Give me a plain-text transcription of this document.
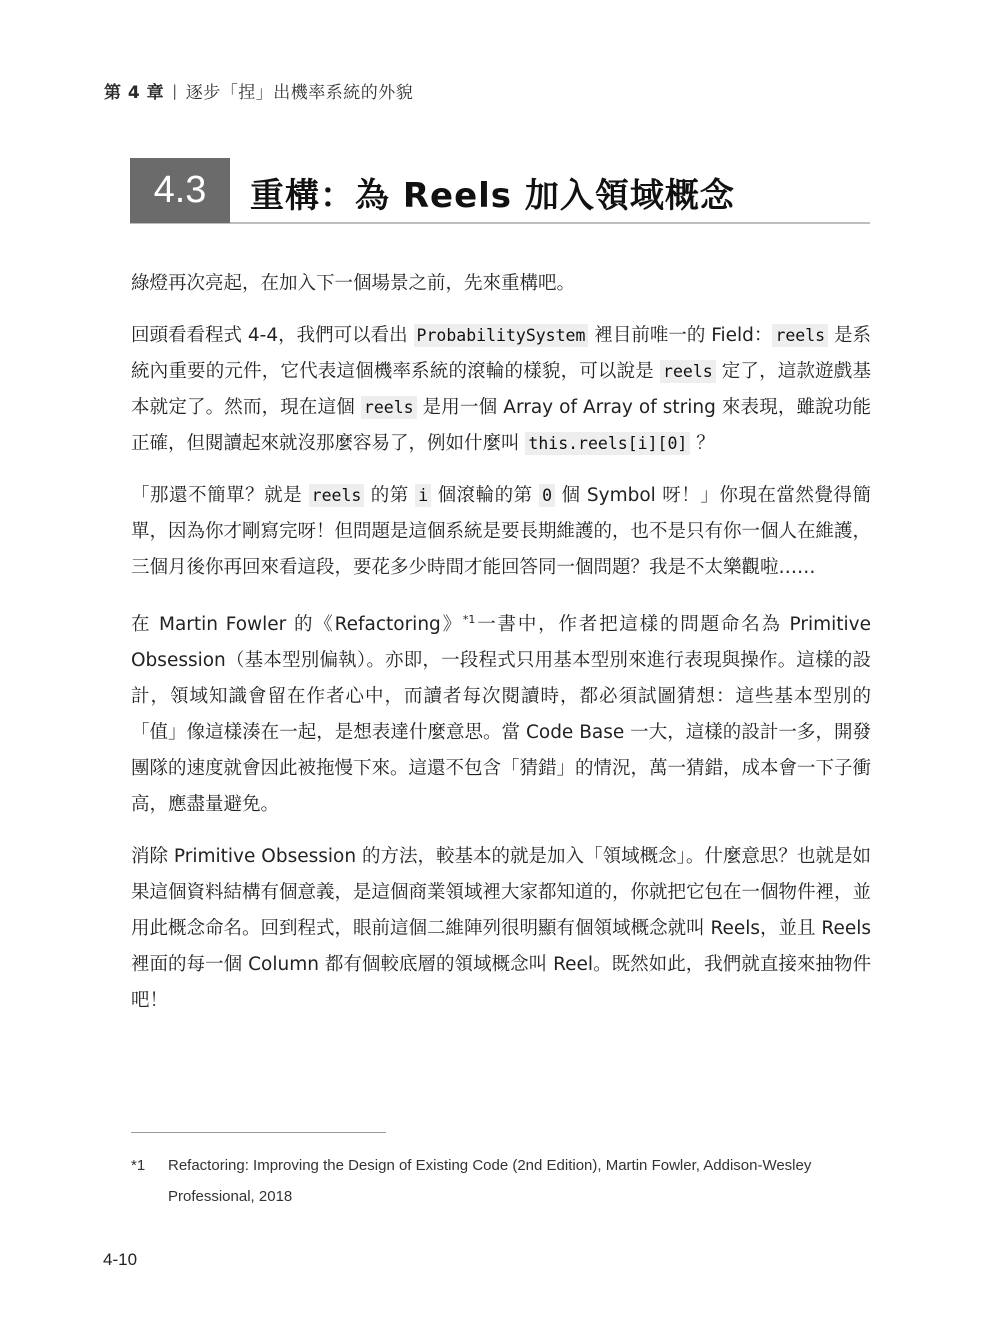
第 4 章 | 逐步「捏」出機率系統的外貌
4.3 重構：為 Reels 加入領域概念

綠燈再次亮起，在加入下一個場景之前，先來重構吧。

回頭看看程式 4-4，我們可以看出 ProbabilitySystem 裡目前唯一的 Field： reels 是系統內重要的元件，它代表這個機率系統的滾輪的樣貌，可以說是 reels 定了，這款遊戲基本就定了。然而，現在這個 reels 是用一個 Array of Array of string 來表現，雖說功能正確，但閱讀起來就沒那麼容易了，例如什麼叫 this.reels[i][0] ？

「那還不簡單？就是 reels 的第 i 個滾輪的第 0 個 Symbol 呀！」你現在當然覺得簡單，因為你才剛寫完呀！但問題是這個系統是要長期維護的，也不是只有你一個人在維護，三個月後你再回來看這段，要花多少時間才能回答同一個問題？我是不太樂觀啦……

在 Martin Fowler 的《Refactoring》$^{*1}$一書中，作者把這樣的問題命名為 Primitive Obsession（基本型別偏執）。亦即，一段程式只用基本型別來進行表現與操作。這樣的設計，領域知識會留在作者心中，而讀者每次閱讀時，都必須試圖猜想：這些基本型別的「值」像這樣湊在一起，是想表達什麼意思。當 Code Base 一大，這樣的設計一多，開發團隊的速度就會因此被拖慢下來。這還不包含「猜錯」的情況，萬一猜錯，成本會一下子衝高，應盡量避免。

消除 Primitive Obsession 的方法，較基本的就是加入「領域概念」。什麼意思？也就是如果這個資料結構有個意義，是這個商業領域裡大家都知道的，你就把它包在一個物件裡，並用此概念命名。回到程式，眼前這個二維陣列很明顯有個領域概念就叫 Reels，並且 Reels 裡面的每一個 Column 都有個較底層的領域概念叫 Reel。既然如此，我們就直接來抽物件吧！

*1	Refactoring: Improving the Design of Existing Code (2nd Edition), Martin Fowler, Addison-Wesley Professional, 2018
4-10
